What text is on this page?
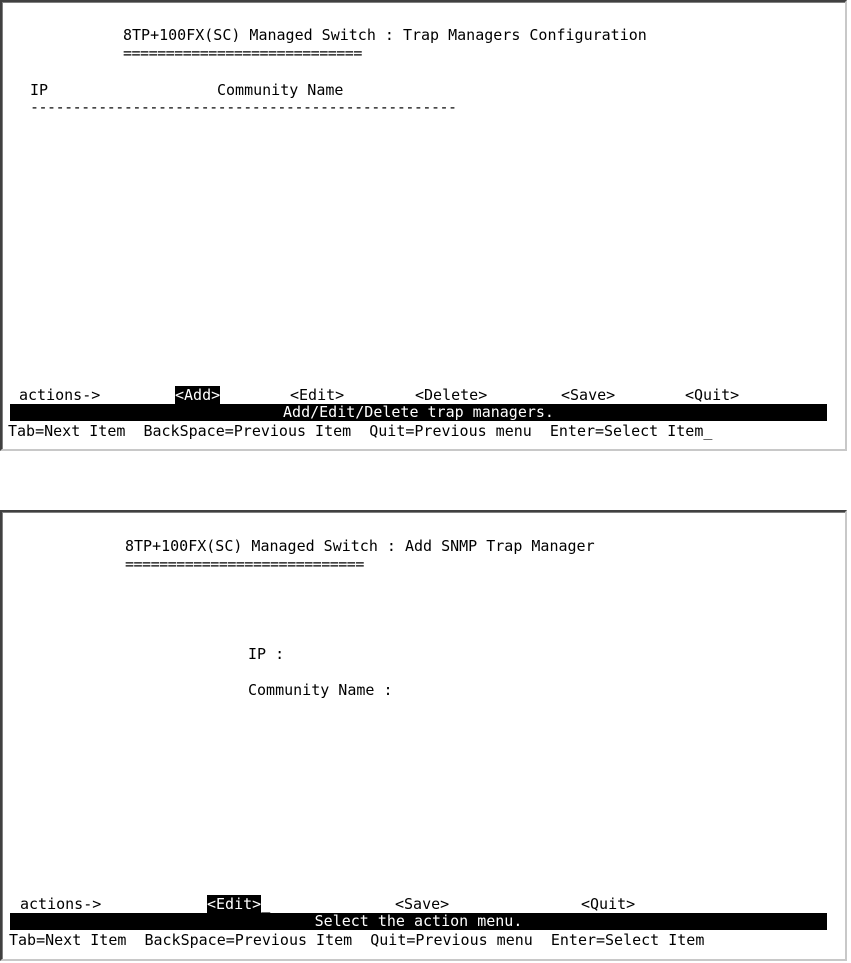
8TP+100FX(SC) Managed Switch : Trap Managers Configuration
============================
IP	Community Name
--------------------------------------------------
actions->	<Add>	<Edit>	<Delete>	<Save>	<Quit>
Add/Edit/Delete trap managers.
Tab=Next Item  BackSpace=Previous Item  Quit=Previous menu  Enter=Select Item_
8TP+100FX(SC) Managed Switch : Add SNMP Trap Manager
============================
IP :
Community Name :
actions->	<Edit>_	<Save>	<Quit>
Select the action menu.
Tab=Next Item  BackSpace=Previous Item  Quit=Previous menu  Enter=Select Item
